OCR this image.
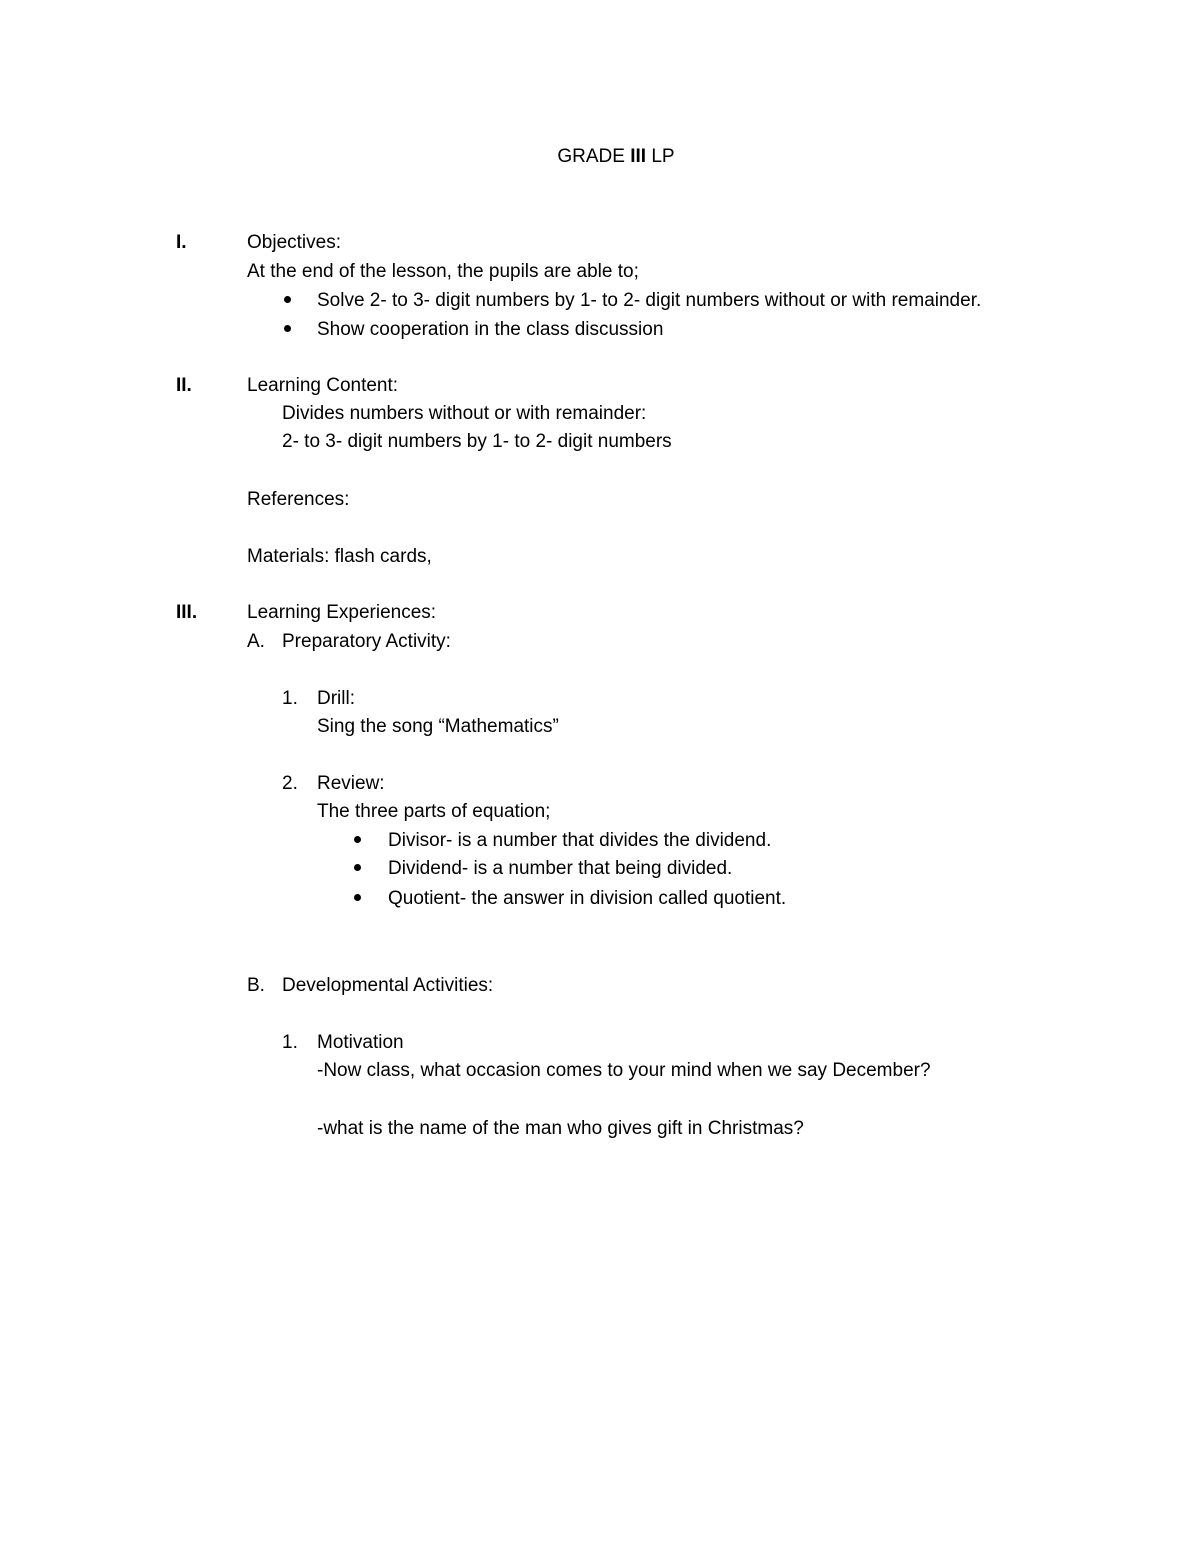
GRADE III LP
I.	Objectives:
At the end of the lesson, the pupils are able to;
Solve 2- to 3- digit numbers by 1- to 2- digit numbers without or with remainder.
Show cooperation in the class discussion
II.	Learning Content:
Divides numbers without or with remainder:
2- to 3- digit numbers by 1- to 2- digit numbers
References:
Materials: flash cards,
III.	Learning Experiences:
A. Preparatory Activity:
1. Drill:
Sing the song “Mathematics”
2. Review:
The three parts of equation;
Divisor- is a number that divides the dividend.
Dividend- is a number that being divided.
Quotient- the answer in division called quotient.
B. Developmental Activities:
1. Motivation
-Now class, what occasion comes to your mind when we say December?
-what is the name of the man who gives gift in Christmas?
